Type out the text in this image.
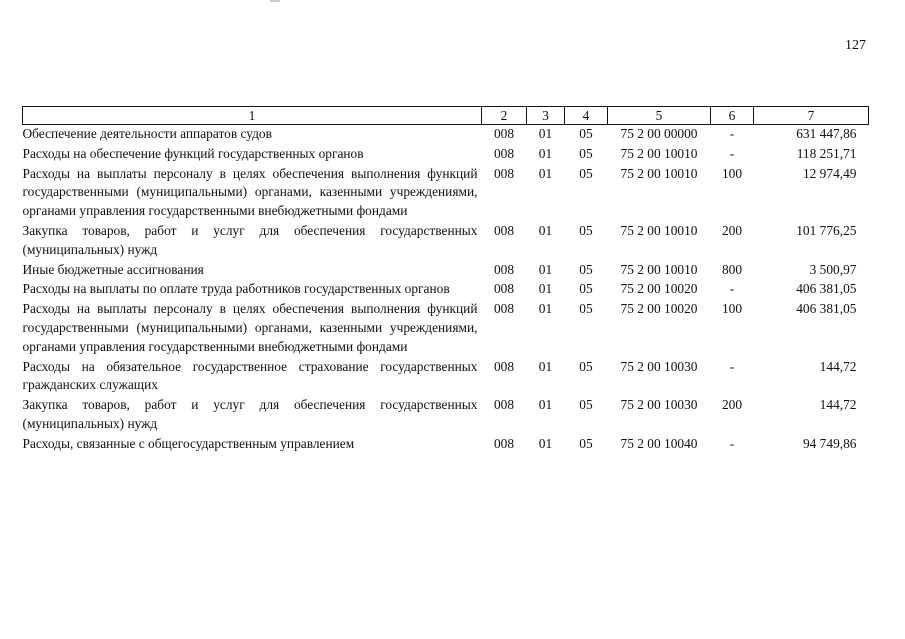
127
1	2	3	4	5	6	7
Обеспечение деятельности аппаратов судов	008	01	05	75 2 00 00000	-	631 447,86
Расходы на обеспечение функций государственных органов	008	01	05	75 2 00 10010	-	118 251,71
Расходы на выплаты персоналу в целях обеспечения выполнения функций государственными (муниципальными) органами, казенными учреждениями, органами управления государственными внебюджетными фондами	008	01	05	75 2 00 10010	100	12 974,49
Закупка товаров, работ и услуг для обеспечения государственных (муниципальных) нужд	008	01	05	75 2 00 10010	200	101 776,25
Иные бюджетные ассигнования	008	01	05	75 2 00 10010	800	3 500,97
Расходы на выплаты по оплате труда работников государственных органов	008	01	05	75 2 00 10020	-	406 381,05
Расходы на выплаты персоналу в целях обеспечения выполнения функций государственными (муниципальными) органами, казенными учреждениями, органами управления государственными внебюджетными фондами	008	01	05	75 2 00 10020	100	406 381,05
Расходы на обязательное государственное страхование государственных гражданских служащих	008	01	05	75 2 00 10030	-	144,72
Закупка товаров, работ и услуг для обеспечения государственных (муниципальных) нужд	008	01	05	75 2 00 10030	200	144,72
Расходы, связанные с общегосударственным управлением	008	01	05	75 2 00 10040	-	94 749,86
